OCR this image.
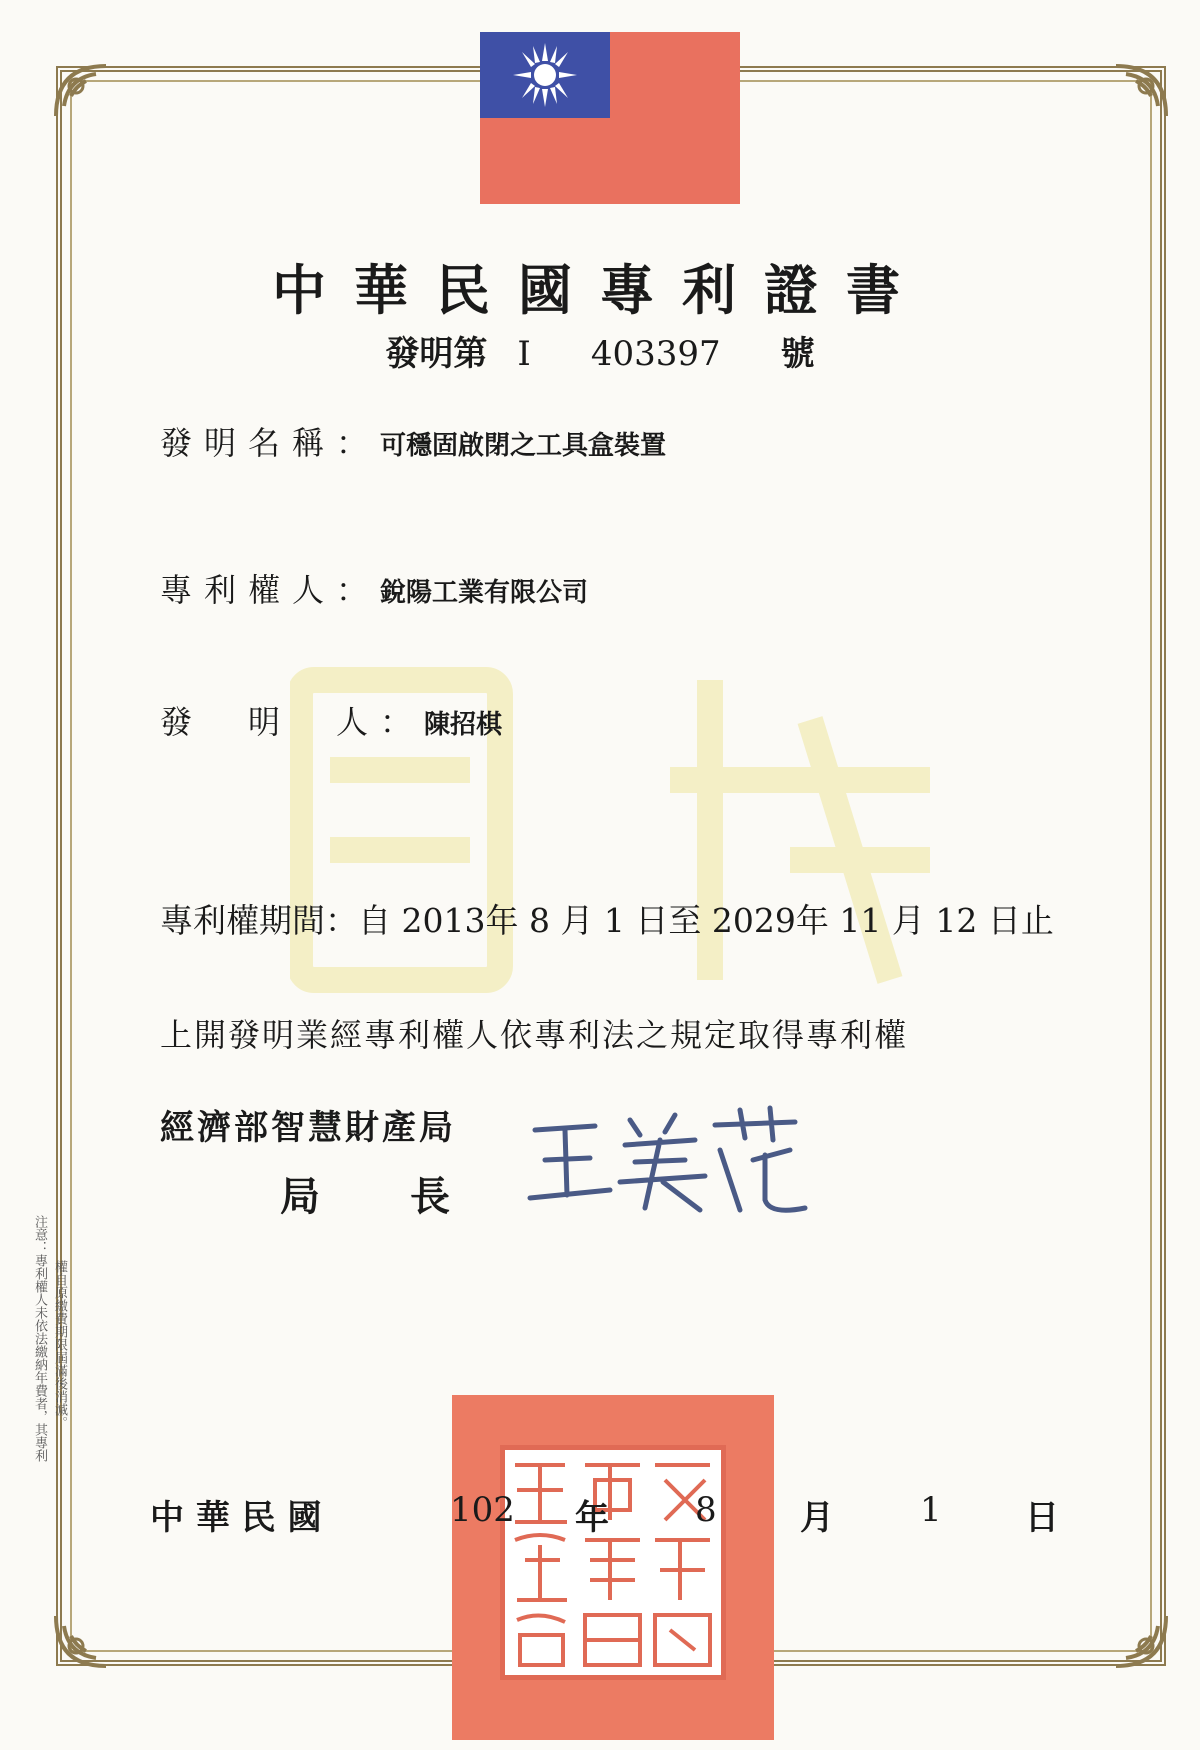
中華民國專利證書
發明第 I 403397 號
發明名稱： 可穩固啟閉之工具盒裝置
專利權人： 銳陽工業有限公司
發　明　人： 陳招棋
專利權期間：自 2013年 8 月 1 日至 2029年 11 月 12 日止
上開發明業經專利權人依專利法之規定取得專利權
經濟部智慧財產局
局長
注意：專利權人未依法繳納年費者，其專利 權自原繳費期限屆滿後消滅。
中 華 民 國	102 年	8 月	1 日
